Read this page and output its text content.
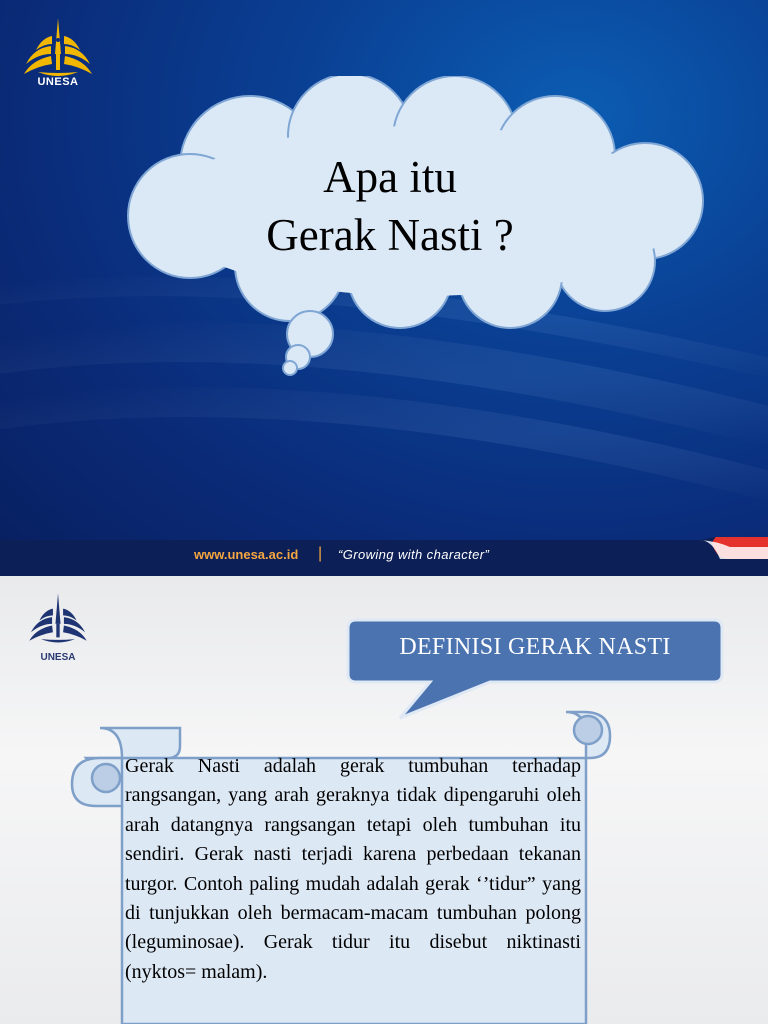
UNESA
Apa itu
Gerak Nasti ?
www.unesa.ac.id | “Growing with character”
UNESA	DEFINISI GERAK NASTI
Gerak Nasti adalah gerak tumbuhan terhadap rangsangan, yang arah geraknya tidak dipengaruhi oleh arah datangnya rangsangan tetapi oleh tumbuhan itu sendiri. Gerak nasti terjadi karena perbedaan tekanan turgor. Contoh paling mudah adalah gerak ‘’tidur” yang di tunjukkan oleh bermacam-macam tumbuhan polong (leguminosae). Gerak tidur itu disebut niktinasti (nyktos= malam).
